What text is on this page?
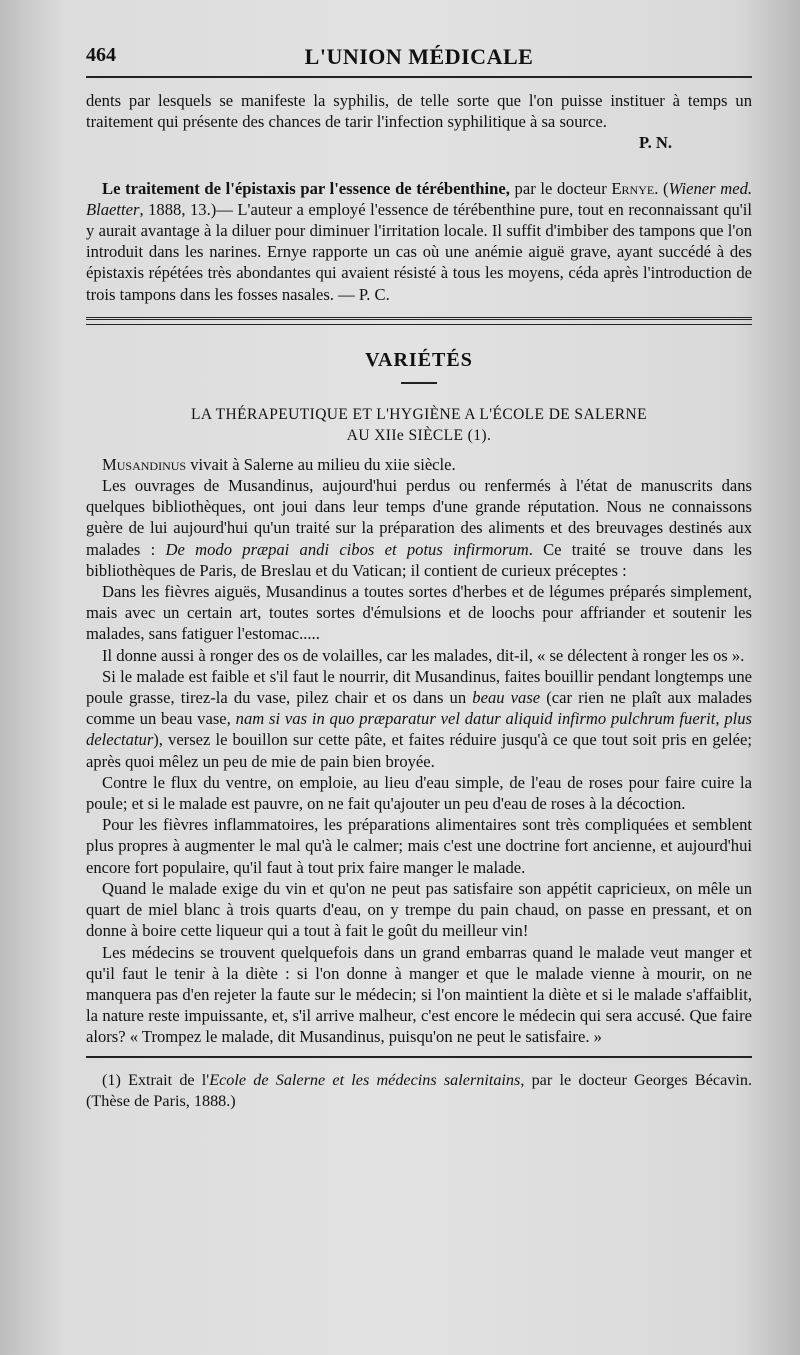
464	L'UNION MÉDICALE

dents par lesquels se manifeste la syphilis, de telle sorte que l'on puisse instituer à temps un traitement qui présente des chances de tarir l'infection syphilitique à sa source.

P. N.

Le traitement de l'épistaxis par l'essence de térébenthine, par le docteur Ernye. (Wiener med. Blaetter, 1888, 13.)— L'auteur a employé l'essence de térébenthine pure, tout en reconnaissant qu'il y aurait avantage à la diluer pour diminuer l'irritation locale. Il suffit d'imbiber des tampons que l'on introduit dans les narines. Ernye rapporte un cas où une anémie aiguë grave, ayant succédé à des épistaxis répétées très abondantes qui avaient résisté à tous les moyens, céda après l'introduction de trois tampons dans les fosses nasales. — P. C.

VARIÉTÉS
LA THÉRAPEUTIQUE ET L'HYGIÈNE A L'ÉCOLE DE SALERNE
AU XIIe SIÈCLE (1).

Musandinus vivait à Salerne au milieu du xiie siècle.

Les ouvrages de Musandinus, aujourd'hui perdus ou renfermés à l'état de manuscrits dans quelques bibliothèques, ont joui dans leur temps d'une grande réputation. Nous ne connaissons guère de lui aujourd'hui qu'un traité sur la préparation des aliments et des breuvages destinés aux malades : De modo præpai andi cibos et potus infirmorum. Ce traité se trouve dans les bibliothèques de Paris, de Breslau et du Vatican; il contient de curieux préceptes :

Dans les fièvres aiguës, Musandinus a toutes sortes d'herbes et de légumes préparés simplement, mais avec un certain art, toutes sortes d'émulsions et de loochs pour affriander et soutenir les malades, sans fatiguer l'estomac.....

Il donne aussi à ronger des os de volailles, car les malades, dit-il, « se délectent à ronger les os ».

Si le malade est faible et s'il faut le nourrir, dit Musandinus, faites bouillir pendant longtemps une poule grasse, tirez-la du vase, pilez chair et os dans un beau vase (car rien ne plaît aux malades comme un beau vase, nam si vas in quo præparatur vel datur aliquid infirmo pulchrum fuerit, plus delectatur), versez le bouillon sur cette pâte, et faites réduire jusqu'à ce que tout soit pris en gelée; après quoi mêlez un peu de mie de pain bien broyée.

Contre le flux du ventre, on emploie, au lieu d'eau simple, de l'eau de roses pour faire cuire la poule; et si le malade est pauvre, on ne fait qu'ajouter un peu d'eau de roses à la décoction.

Pour les fièvres inflammatoires, les préparations alimentaires sont très compliquées et semblent plus propres à augmenter le mal qu'à le calmer; mais c'est une doctrine fort ancienne, et aujourd'hui encore fort populaire, qu'il faut à tout prix faire manger le malade.

Quand le malade exige du vin et qu'on ne peut pas satisfaire son appétit capricieux, on mêle un quart de miel blanc à trois quarts d'eau, on y trempe du pain chaud, on passe en pressant, et on donne à boire cette liqueur qui a tout à fait le goût du meilleur vin!

Les médecins se trouvent quelquefois dans un grand embarras quand le malade veut manger et qu'il faut le tenir à la diète : si l'on donne à manger et que le malade vienne à mourir, on ne manquera pas d'en rejeter la faute sur le médecin; si l'on maintient la diète et si le malade s'affaiblit, la nature reste impuissante, et, s'il arrive malheur, c'est encore le médecin qui sera accusé. Que faire alors? « Trompez le malade, dit Musandinus, puisqu'on ne peut le satisfaire. »

(1) Extrait de l'Ecole de Salerne et les médecins salernitains, par le docteur Georges Bécavin. (Thèse de Paris, 1888.)
